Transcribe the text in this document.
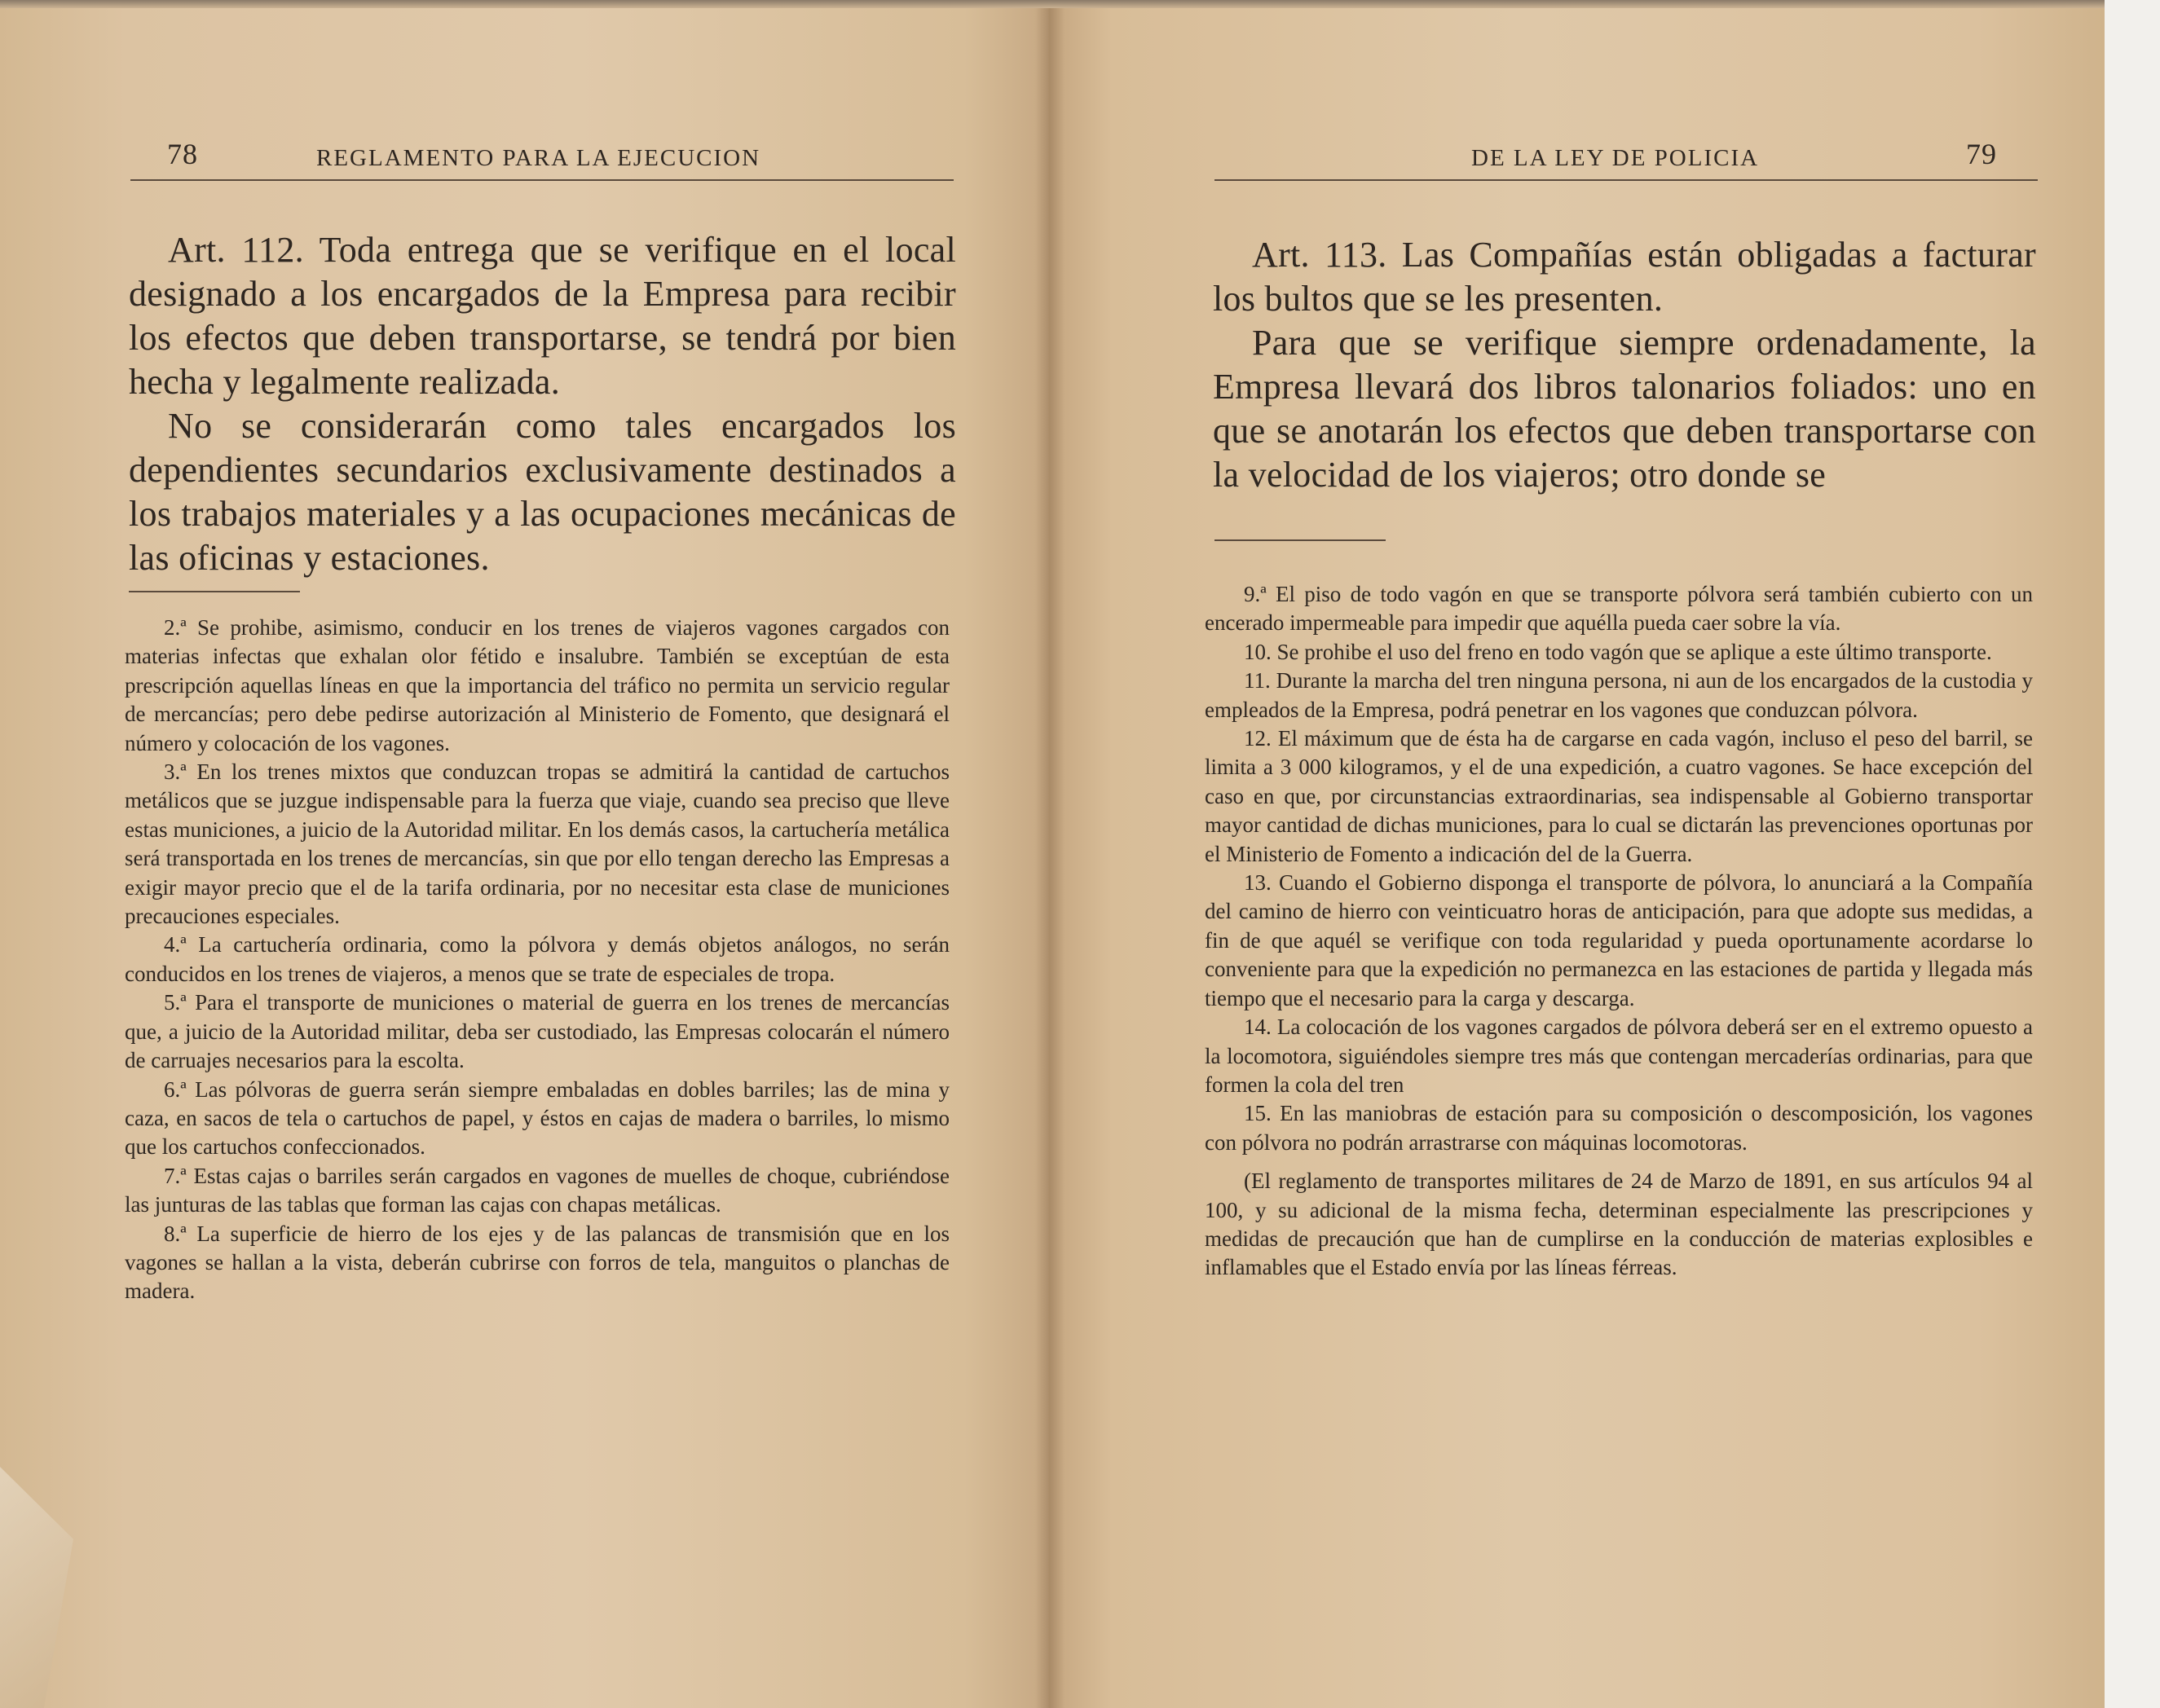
78	REGLAMENTO PARA LA EJECUCION

Art. 112. Toda entrega que se verifique en el local designado a los encargados de la Empresa para recibir los efectos que deben transportarse, se tendrá por bien hecha y legalmente realizada.

No se considerarán como tales encargados los dependientes secundarios exclusivamente destinados a los trabajos materiales y a las ocupaciones mecánicas de las oficinas y estaciones.

2.ª Se prohibe, asimismo, conducir en los trenes de viajeros vagones cargados con materias infectas que exhalan olor fétido e insalubre. También se exceptúan de esta prescripción aquellas líneas en que la importancia del tráfico no permita un servicio regular de mercancías; pero debe pedirse autorización al Ministerio de Fomento, que designará el número y colocación de los vagones.

3.ª En los trenes mixtos que conduzcan tropas se admitirá la cantidad de cartuchos metálicos que se juzgue indispensable para la fuerza que viaje, cuando sea preciso que lleve estas municiones, a juicio de la Autoridad militar. En los demás casos, la cartuchería metálica será transportada en los trenes de mercancías, sin que por ello tengan derecho las Empresas a exigir mayor precio que el de la tarifa ordinaria, por no necesitar esta clase de municiones precauciones especiales.

4.ª La cartuchería ordinaria, como la pólvora y demás objetos análogos, no serán conducidos en los trenes de viajeros, a menos que se trate de especiales de tropa.

5.ª Para el transporte de municiones o material de guerra en los trenes de mercancías que, a juicio de la Autoridad militar, deba ser custodiado, las Empresas colocarán el número de carruajes necesarios para la escolta.

6.ª Las pólvoras de guerra serán siempre embaladas en dobles barriles; las de mina y caza, en sacos de tela o cartuchos de papel, y éstos en cajas de madera o barriles, lo mismo que los cartuchos confeccionados.

7.ª Estas cajas o barriles serán cargados en vagones de muelles de choque, cubriéndose las junturas de las tablas que forman las cajas con chapas metálicas.

8.ª La superficie de hierro de los ejes y de las palancas de transmisión que en los vagones se hallan a la vista, deberán cubrirse con forros de tela, manguitos o planchas de madera.

DE LA LEY DE POLICIA	79

Art. 113. Las Compañías están obligadas a facturar los bultos que se les presenten.

Para que se verifique siempre ordenadamente, la Empresa llevará dos libros talonarios foliados: uno en que se anotarán los efectos que deben transportarse con la velocidad de los viajeros; otro donde se

9.ª El piso de todo vagón en que se transporte pólvora será también cubierto con un encerado impermeable para impedir que aquélla pueda caer sobre la vía.

10. Se prohibe el uso del freno en todo vagón que se aplique a este último transporte.

11. Durante la marcha del tren ninguna persona, ni aun de los encargados de la custodia y empleados de la Empresa, podrá penetrar en los vagones que conduzcan pólvora.

12. El máximum que de ésta ha de cargarse en cada vagón, incluso el peso del barril, se limita a 3 000 kilogramos, y el de una expedición, a cuatro vagones. Se hace excepción del caso en que, por circunstancias extraordinarias, sea indispensable al Gobierno transportar mayor cantidad de dichas municiones, para lo cual se dictarán las prevenciones oportunas por el Ministerio de Fomento a indicación del de la Guerra.

13. Cuando el Gobierno disponga el transporte de pólvora, lo anunciará a la Compañía del camino de hierro con veinticuatro horas de anticipación, para que adopte sus medidas, a fin de que aquél se verifique con toda regularidad y pueda oportunamente acordarse lo conveniente para que la expedición no permanezca en las estaciones de partida y llegada más tiempo que el necesario para la carga y descarga.

14. La colocación de los vagones cargados de pólvora deberá ser en el extremo opuesto a la locomotora, siguiéndoles siempre tres más que contengan mercaderías ordinarias, para que formen la cola del tren

15. En las maniobras de estación para su composición o descomposición, los vagones con pólvora no podrán arrastrarse con máquinas locomotoras.

(El reglamento de transportes militares de 24 de Marzo de 1891, en sus artículos 94 al 100, y su adicional de la misma fecha, determinan especialmente las prescripciones y medidas de precaución que han de cumplirse en la conducción de materias explosibles e inflamables que el Estado envía por las líneas férreas.
